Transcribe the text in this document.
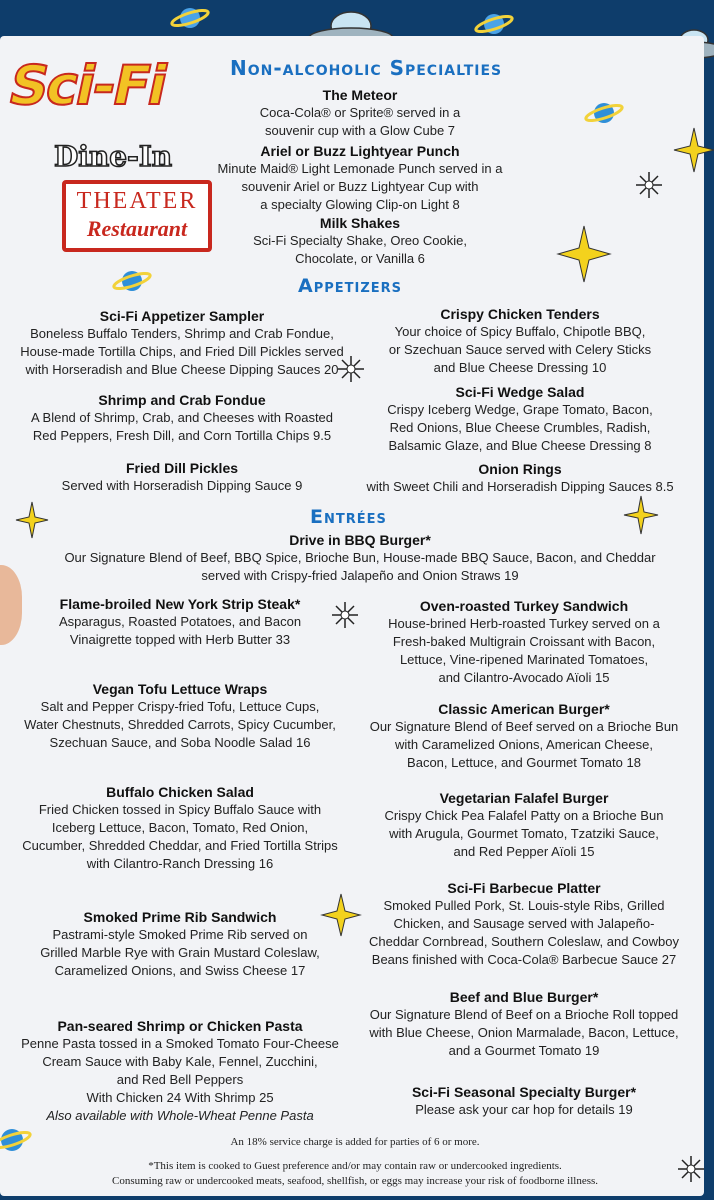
Sci-Fi
Dine-In
THEATER
Restaurant
Non-alcoholic Specialties
The Meteor
Coca-Cola® or Sprite® served in a
souvenir cup with a Glow Cube 7
Ariel or Buzz Lightyear Punch
Minute Maid® Light Lemonade Punch served in a
souvenir Ariel or Buzz Lightyear Cup with
a specialty Glowing Clip-on Light 8
Milk Shakes
Sci-Fi Specialty Shake, Oreo Cookie,
Chocolate, or Vanilla 6
Appetizers
Sci-Fi Appetizer Sampler
Boneless Buffalo Tenders, Shrimp and Crab Fondue,
House-made Tortilla Chips, and Fried Dill Pickles served
with Horseradish and Blue Cheese Dipping Sauces 20
Shrimp and Crab Fondue
A Blend of Shrimp, Crab, and Cheeses with Roasted
Red Peppers, Fresh Dill, and Corn Tortilla Chips 9.5
Fried Dill Pickles
Served with Horseradish Dipping Sauce 9
Crispy Chicken Tenders
Your choice of Spicy Buffalo, Chipotle BBQ,
or Szechuan Sauce served with Celery Sticks
and Blue Cheese Dressing 10
Sci-Fi Wedge Salad
Crispy Iceberg Wedge, Grape Tomato, Bacon,
Red Onions, Blue Cheese Crumbles, Radish,
Balsamic Glaze, and Blue Cheese Dressing 8
Onion Rings
with Sweet Chili and Horseradish Dipping Sauces 8.5
Entrées
Drive in BBQ Burger*
Our Signature Blend of Beef, BBQ Spice, Brioche Bun, House-made BBQ Sauce, Bacon, and Cheddar
served with Crispy-fried Jalapeño and Onion Straws 19
Flame-broiled New York Strip Steak*
Asparagus, Roasted Potatoes, and Bacon
Vinaigrette topped with Herb Butter 33
Vegan Tofu Lettuce Wraps
Salt and Pepper Crispy-fried Tofu, Lettuce Cups,
Water Chestnuts, Shredded Carrots, Spicy Cucumber,
Szechuan Sauce, and Soba Noodle Salad 16
Buffalo Chicken Salad
Fried Chicken tossed in Spicy Buffalo Sauce with
Iceberg Lettuce, Bacon, Tomato, Red Onion,
Cucumber, Shredded Cheddar, and Fried Tortilla Strips
with Cilantro-Ranch Dressing 16
Smoked Prime Rib Sandwich
Pastrami-style Smoked Prime Rib served on
Grilled Marble Rye with Grain Mustard Coleslaw,
Caramelized Onions, and Swiss Cheese 17
Pan-seared Shrimp or Chicken Pasta
Penne Pasta tossed in a Smoked Tomato Four-Cheese
Cream Sauce with Baby Kale, Fennel, Zucchini,
and Red Bell Peppers
With Chicken 24 With Shrimp 25
Also available with Whole-Wheat Penne Pasta
Oven-roasted Turkey Sandwich
House-brined Herb-roasted Turkey served on a
Fresh-baked Multigrain Croissant with Bacon,
Lettuce, Vine-ripened Marinated Tomatoes,
and Cilantro-Avocado Aïoli 15
Classic American Burger*
Our Signature Blend of Beef served on a Brioche Bun
with Caramelized Onions, American Cheese,
Bacon, Lettuce, and Gourmet Tomato 18
Vegetarian Falafel Burger
Crispy Chick Pea Falafel Patty on a Brioche Bun
with Arugula, Gourmet Tomato, Tzatziki Sauce,
and Red Pepper Aïoli 15
Sci-Fi Barbecue Platter
Smoked Pulled Pork, St. Louis-style Ribs, Grilled
Chicken, and Sausage served with Jalapeño-
Cheddar Cornbread, Southern Coleslaw, and Cowboy
Beans finished with Coca-Cola® Barbecue Sauce 27
Beef and Blue Burger*
Our Signature Blend of Beef on a Brioche Roll topped
with Blue Cheese, Onion Marmalade, Bacon, Lettuce,
and a Gourmet Tomato 19
Sci-Fi Seasonal Specialty Burger*
Please ask your car hop for details 19
An 18% service charge is added for parties of 6 or more.
*This item is cooked to Guest preference and/or may contain raw or undercooked ingredients.
Consuming raw or undercooked meats, seafood, shellfish, or eggs may increase your risk of foodborne illness.
